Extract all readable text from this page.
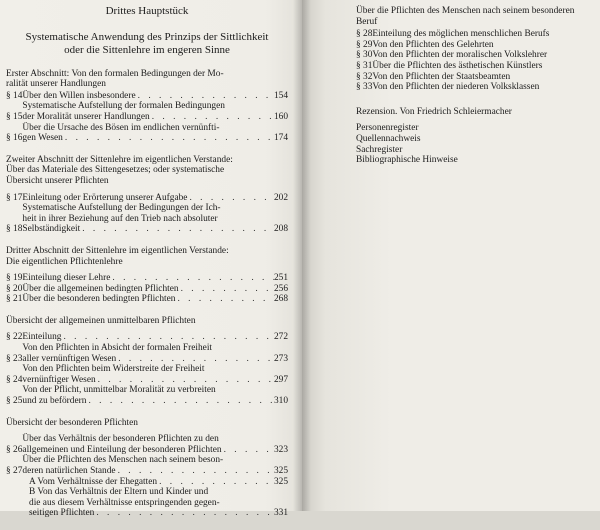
Drittes Hauptstück
Systematische Anwendung des Prinzips der Sittlichkeit
oder die Sittenlehre im engeren Sinne
Erster Abschnitt: Von den formalen Bedingungen der Mo-
ralität unserer Handlungen
§ 14 Über den Willen insbesondere . . .	154
§ 15
Systematische Aufstellung der formalen Bedingungen
der Moralität unserer Handlungen . . .	160
§ 16
Über die Ursache des Bösen im endlichen vernünfti-
gen Wesen . . .	174
Zweiter Abschnitt der Sittenlehre im eigentlichen Verstande:
Über das Materiale des Sittengesetzes; oder systematische
Übersicht unserer Pflichten
§ 17 Einleitung oder Erörterung unserer Aufgabe . . .	202
§ 18
Systematische Aufstellung der Bedingungen der Ich-
heit in ihrer Beziehung auf den Trieb nach absoluter
Selbständigkeit . . .	208
Dritter Abschnitt der Sittenlehre im eigentlichen Verstande:
Die eigentlichen Pflichtenlehre
§ 19 Einteilung dieser Lehre . . .	251
§ 20 Über die allgemeinen bedingten Pflichten . . .	256
§ 21 Über die besonderen bedingten Pflichten . . .	268
Übersicht der allgemeinen unmittelbaren Pflichten
§ 22 Einteilung . . .	272
§ 23
Von den Pflichten in Absicht der formalen Freiheit
aller vernünftigen Wesen . . .	273
§ 24
Von den Pflichten beim Widerstreite der Freiheit
vernünftiger Wesen . . .	297
§ 25
Von der Pflicht, unmittelbar Moralität zu verbreiten
und zu befördern . . .	310
Übersicht der besonderen Pflichten
§ 26
Über das Verhältnis der besonderen Pflichten zu den
allgemeinen und Einteilung der besonderen Pflichten . . .	323
§ 27
Über die Pflichten des Menschen nach seinem beson-
deren natürlichen Stande . . .	325
A Vom Verhältnisse der Ehegatten . . .	325
B Von das Verhältnis der Eltern und Kinder und
die aus diesem Verhältnisse entspringenden gegen-
seitigen Pflichten . . .	331
Über die Pflichten des Menschen nach seinem besonderen
Beruf
§ 28 Einteilung des möglichen menschlichen Berufs
§ 29 Von den Pflichten des Gelehrten
§ 30 Von den Pflichten der moralischen Volkslehrer
§ 31 Über die Pflichten des ästhetischen Künstlers
§ 32 Von den Pflichten der Staatsbeamten
§ 33 Von den Pflichten der niederen Volksklassen
Rezension. Von Friedrich Schleiermacher
Personenregister
Quellennachweis
Sachregister
Bibliographische Hinweise
